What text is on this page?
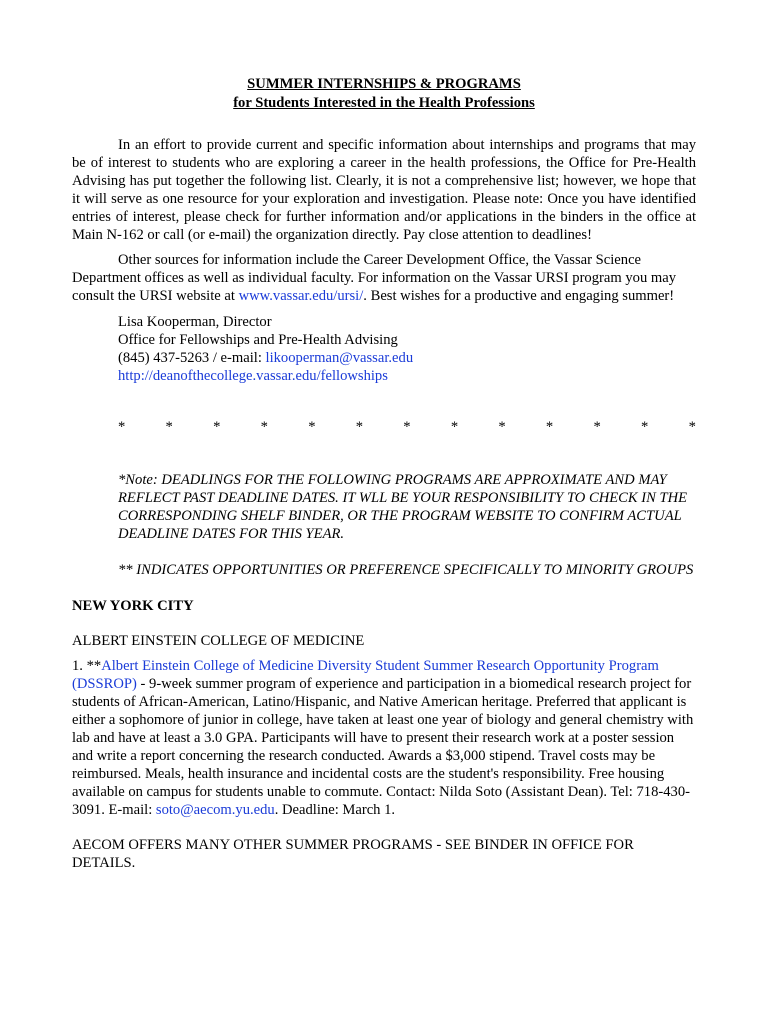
SUMMER INTERNSHIPS & PROGRAMS

for Students Interested in the Health Professions

In an effort to provide current and specific information about internships and programs that may be of interest to students who are exploring a career in the health professions, the Office for Pre-Health Advising has put together the following list. Clearly, it is not a comprehensive list; however, we hope that it will serve as one resource for your exploration and investigation. Please note: Once you have identified entries of interest, please check for further information and/or applications in the binders in the office at Main N-162 or call (or e-mail) the organization directly. Pay close attention to deadlines!

Other sources for information include the Career Development Office, the Vassar Science Department offices as well as individual faculty. For information on the Vassar URSI program you may consult the URSI website at www.vassar.edu/ursi/. Best wishes for a productive and engaging summer!

Lisa Kooperman, Director
Office for Fellowships and Pre-Health Advising
(845) 437-5263 / e-mail: likooperman@vassar.edu
http://deanofthecollege.vassar.edu/fellowships
*	*	*	*	*	*	*	*	*	*	*	*	*

*Note: DEADLINGS FOR THE FOLLOWING PROGRAMS ARE APPROXIMATE AND MAY REFLECT PAST DEADLINE DATES. IT WLL BE YOUR RESPONSIBILITY TO CHECK IN THE CORRESPONDING SHELF BINDER, OR THE PROGRAM WEBSITE TO CONFIRM ACTUAL DEADLINE DATES FOR THIS YEAR.

** INDICATES OPPORTUNITIES OR PREFERENCE SPECIFICALLY TO MINORITY GROUPS

NEW YORK CITY

ALBERT EINSTEIN COLLEGE OF MEDICINE

1. **Albert Einstein College of Medicine Diversity Student Summer Research Opportunity Program (DSSROP) - 9-week summer program of experience and participation in a biomedical research project for students of African-American, Latino/Hispanic, and Native American heritage. Preferred that applicant is either a sophomore of junior in college, have taken at least one year of biology and general chemistry with lab and have at least a 3.0 GPA. Participants will have to present their research work at a poster session and write a report concerning the research conducted. Awards a $3,000 stipend. Travel costs may be reimbursed. Meals, health insurance and incidental costs are the student's responsibility. Free housing available on campus for students unable to commute. Contact: Nilda Soto (Assistant Dean). Tel: 718-430-3091. E-mail: soto@aecom.yu.edu. Deadline: March 1.

AECOM OFFERS MANY OTHER SUMMER PROGRAMS - SEE BINDER IN OFFICE FOR DETAILS.
